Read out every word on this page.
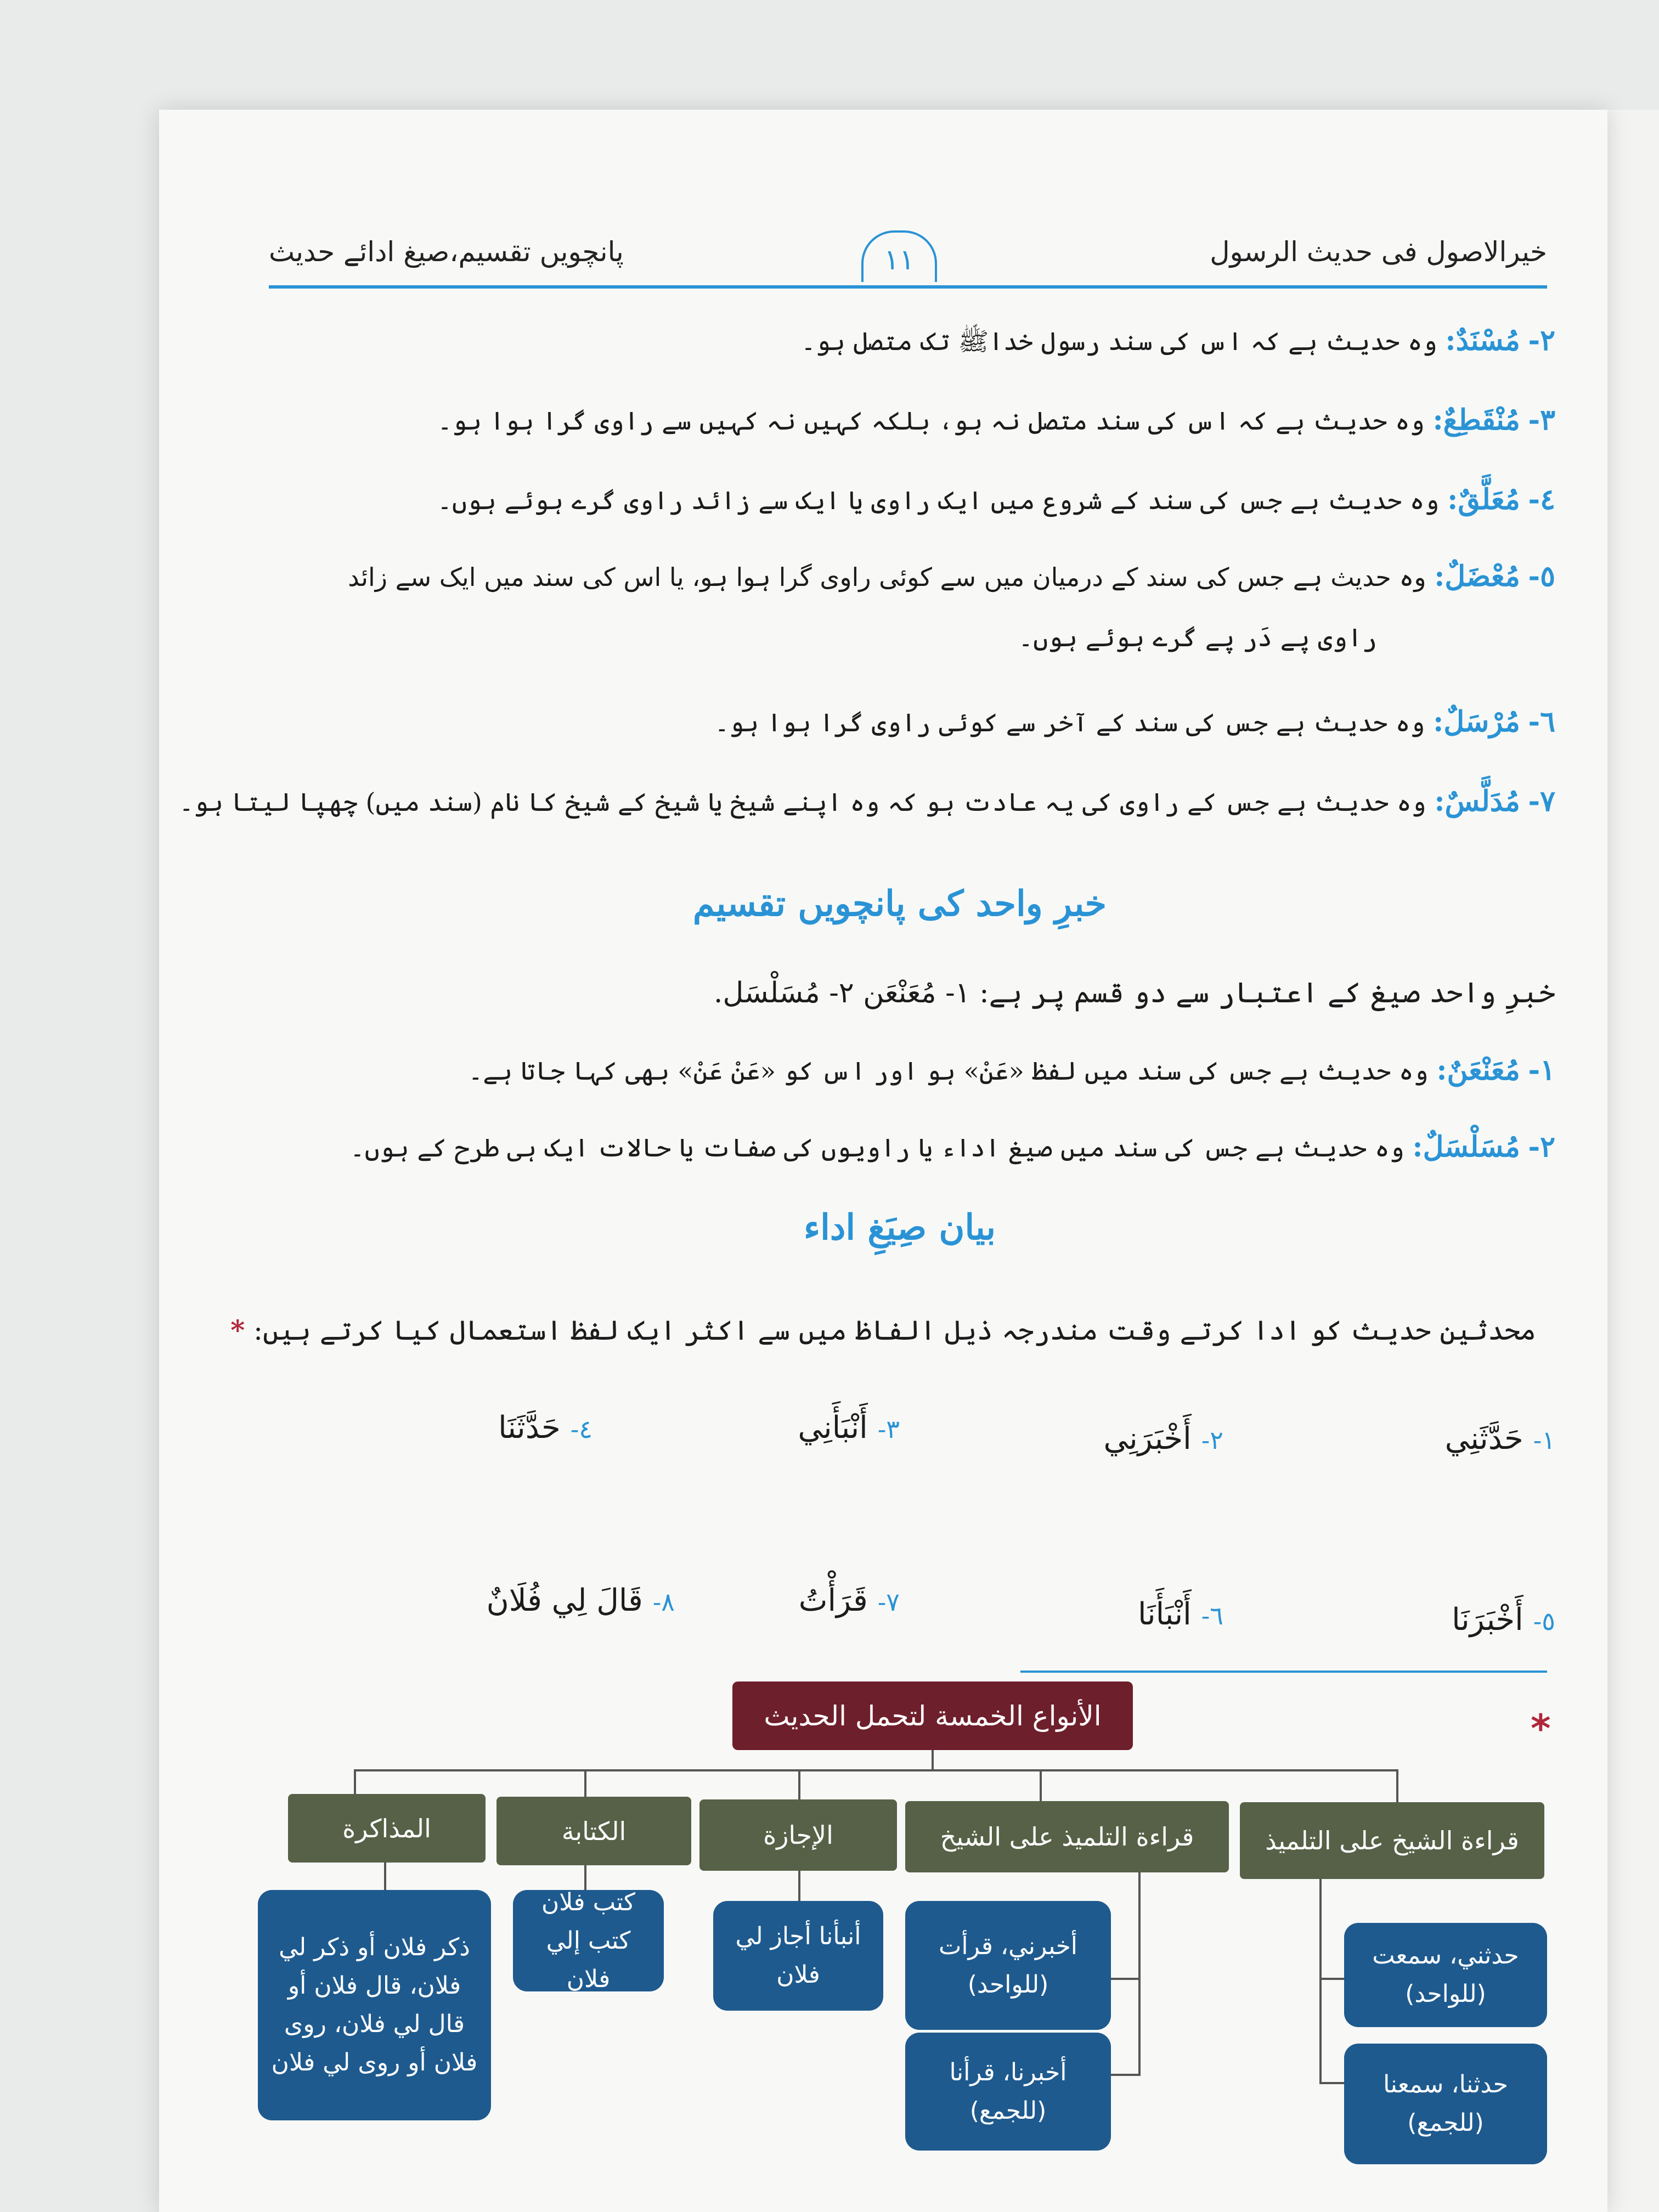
خیرالاصول فی حدیث الرسول
۱۱
پانچویں تقسیم،صیغ ادائے حدیث
۲- مُسْنَدٌ: وہ حدیث ہے کہ اس کی سند رسول خداﷺ تک متصل ہو۔
۳- مُنْقَطِعٌ: وہ حدیث ہے کہ اس کی سند متصل نہ ہو، بلکہ کہیں نہ کہیں سے راوی گرا ہوا ہو۔
٤- مُعَلَّقٌ: وہ حدیث ہے جس کی سند کے شروع میں ایک راوی یا ایک سے زائد راوی گرے ہوئے ہوں۔
٥- مُعْضَلٌ: وہ حدیث ہے جس کی سند کے درمیان میں سے کوئی راوی گرا ہوا ہو، یا اس کی سند میں ایک سے زائد
راوی پے دَر پے گرے ہوئے ہوں۔
٦- مُرْسَلٌ: وہ حدیث ہے جس کی سند کے آخر سے کوئی راوی گرا ہوا ہو۔
۷- مُدَلَّسٌ: وہ حدیث ہے جس کے راوی کی یہ عادت ہو کہ وہ اپنے شیخ یا شیخ کے شیخ کا نام (سند میں) چھپا لیتا ہو۔
خبرِ واحد کی پانچویں تقسیم
خبرِ واحد صیغ کے اعتبار سے دو قسم پر ہے: ۱- مُعَنْعَن ۲- مُسَلْسَل.
۱- مُعَنْعَنٌ: وہ حدیث ہے جس کی سند میں لفظ «عَنْ» ہو اور اس کو «عَنْ عَنْ» بھی کہا جاتا ہے۔
۲- مُسَلْسَلٌ: وہ حدیث ہے جس کی سند میں صیغ اداء یا راویوں کی صفات یا حالات ایک ہی طرح کے ہوں۔
بیان صِیَغِ اداء
محدثین حدیث کو ادا کرتے وقت مندرجہ ذیل الفاظ میں سے اکثر ایک لفظ استعمال کیا کرتے ہیں: *
۱-حَدَّثَنِي
۲-أَخْبَرَنِي
۳-أَنْبَأَنِي
٤-حَدَّثَنَا
٥-أَخْبَرَنَا
٦-أَنْبَأَنَا
۷-قَرَأْتُ
۸-قَالَ لِي فُلَانٌ
*
الأنواع الخمسة لتحمل الحديث
قراءة الشيخ على التلميذ
قراءة التلميذ على الشيخ
الإجازة
الكتابة
المذاكرة
حدثني، سمعت (للواحد)
حدثنا، سمعنا (للجمع)
أخبرني، قرأت (للواحد)
أخبرنا، قرأنا (للجمع)
أنبأنا أجاز لي فلان
كتب فلان كتب إلي فلان
ذكر فلان أو ذكر لي فلان، قال فلان أو قال لي فلان، روى فلان أو روى لي فلان
